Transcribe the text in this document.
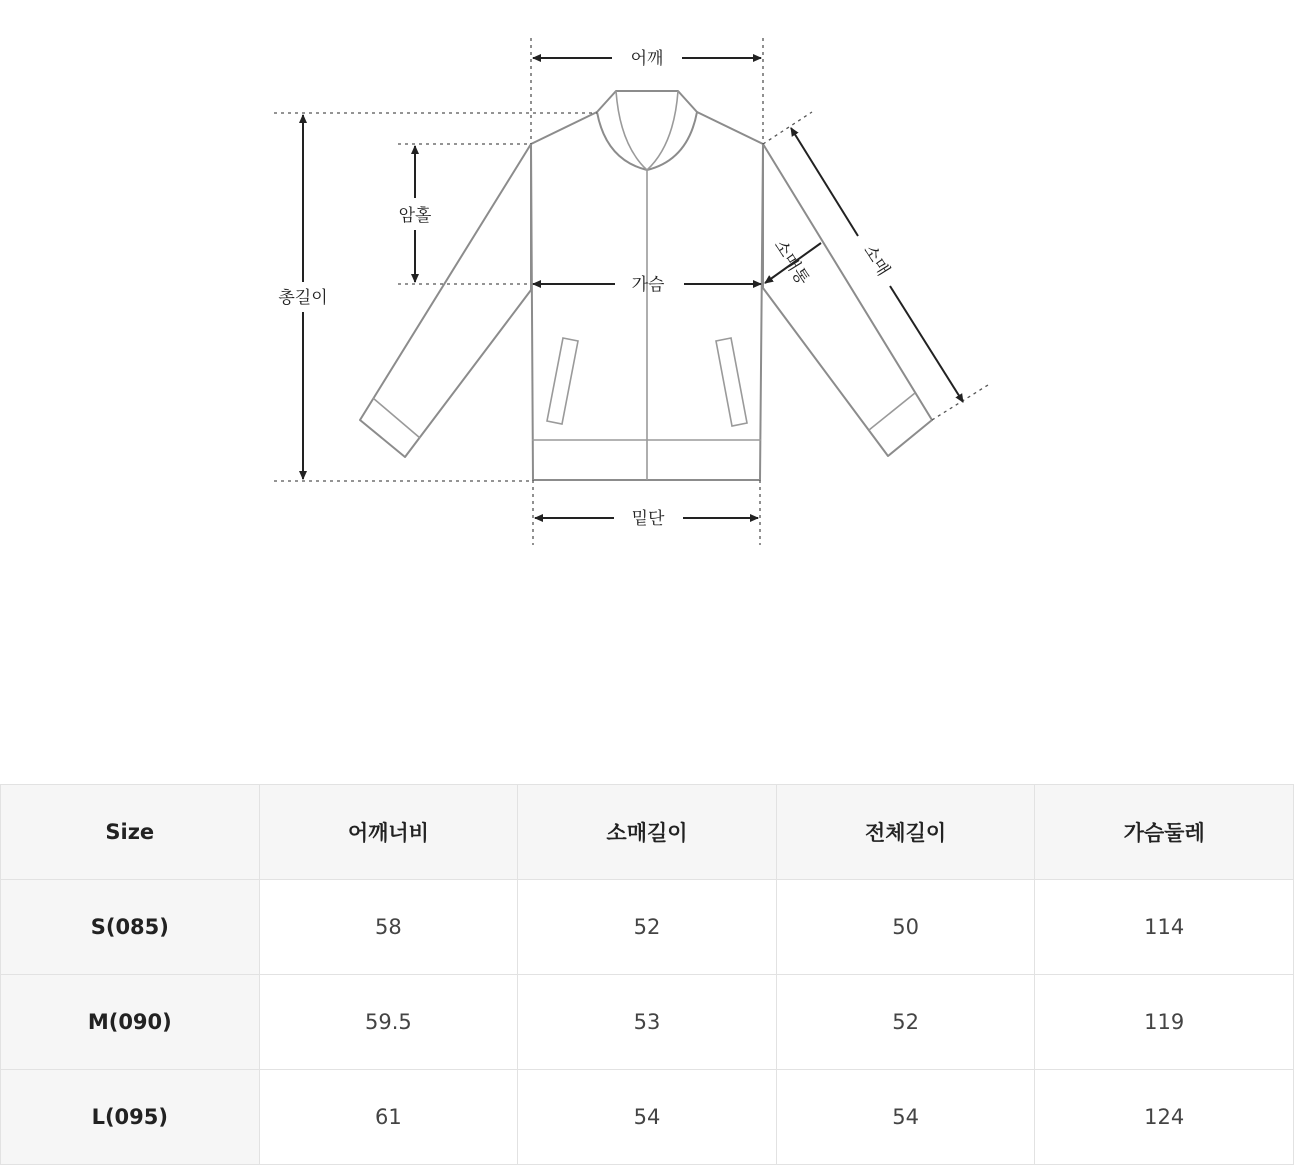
어깨
총길이
암홀
가슴
밑단
소매
소매통
Size	어깨너비	소매길이	전체길이	가슴둘레
S(085)	58	52	50	114
M(090)	59.5	53	52	119
L(095)	61	54	54	124
